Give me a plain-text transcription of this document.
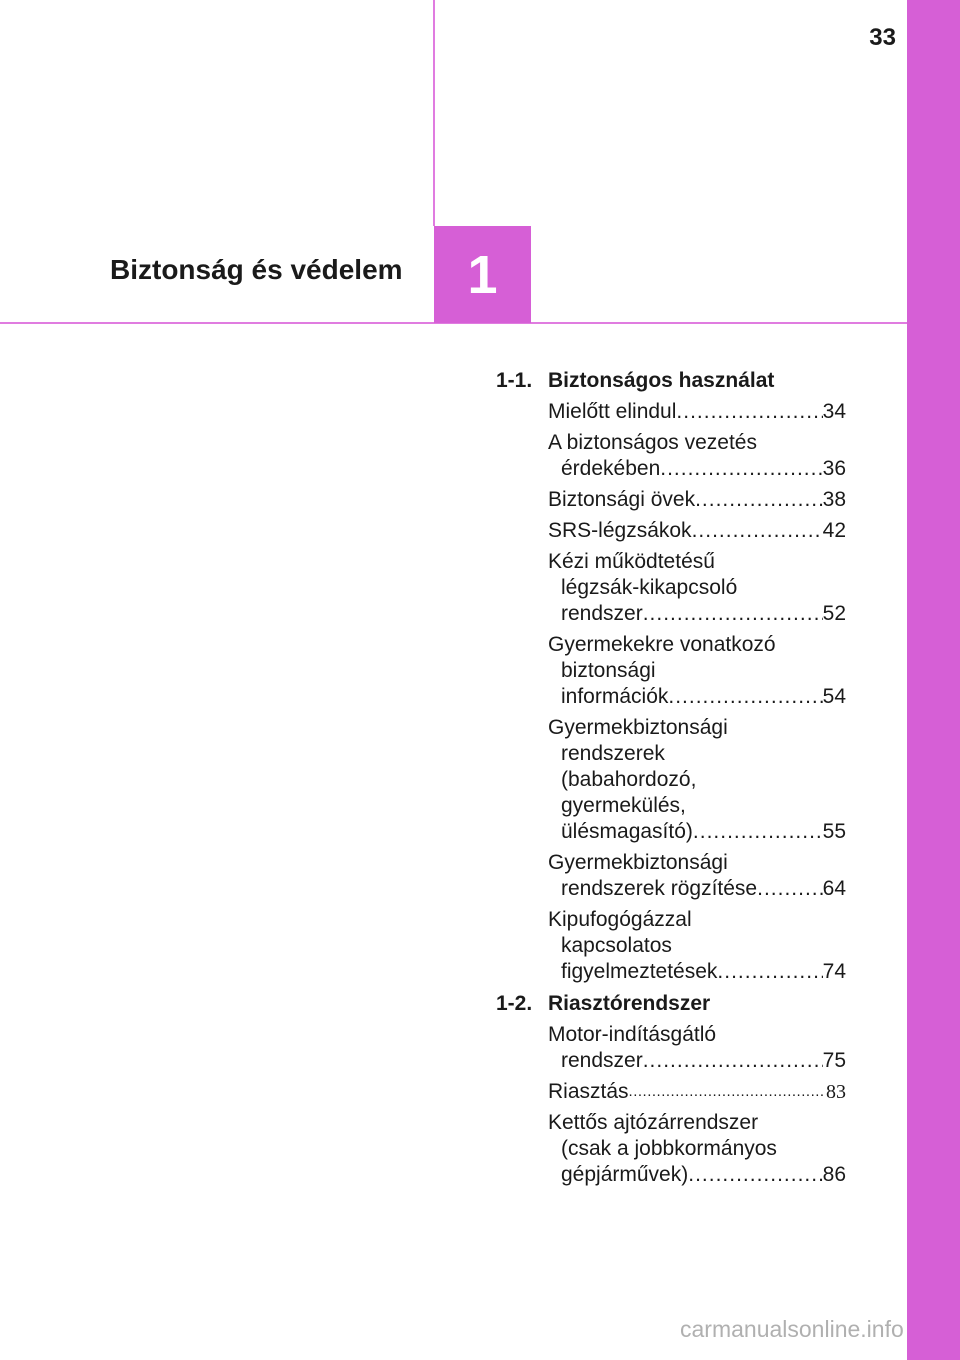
33
Biztonság és védelem 1
1-1. Biztonságos használat
Mielőtt elindul .....	34
A biztonságos vezetés
érdekében .....	36
Biztonsági övek .....	38
SRS-légzsákok .....	42
Kézi működtetésű
légzsák-kikapcsoló
rendszer .....	52
Gyermekekre vonatkozó
biztonsági
információk .....	54
Gyermekbiztonsági
rendszerek
(babahordozó,
gyermekülés,
ülésmagasító) .....	55
Gyermekbiztonsági
rendszerek rögzítése .....	64
Kipufogógázzal
kapcsolatos
figyelmeztetések .....	74
1-2. Riasztórendszer
Motor-indításgátló
rendszer .....	75
Riasztás .....	83
Kettős ajtózárrendszer
(csak a jobbkormányos
gépjárművek) .....	86
carmanualsonline.info
